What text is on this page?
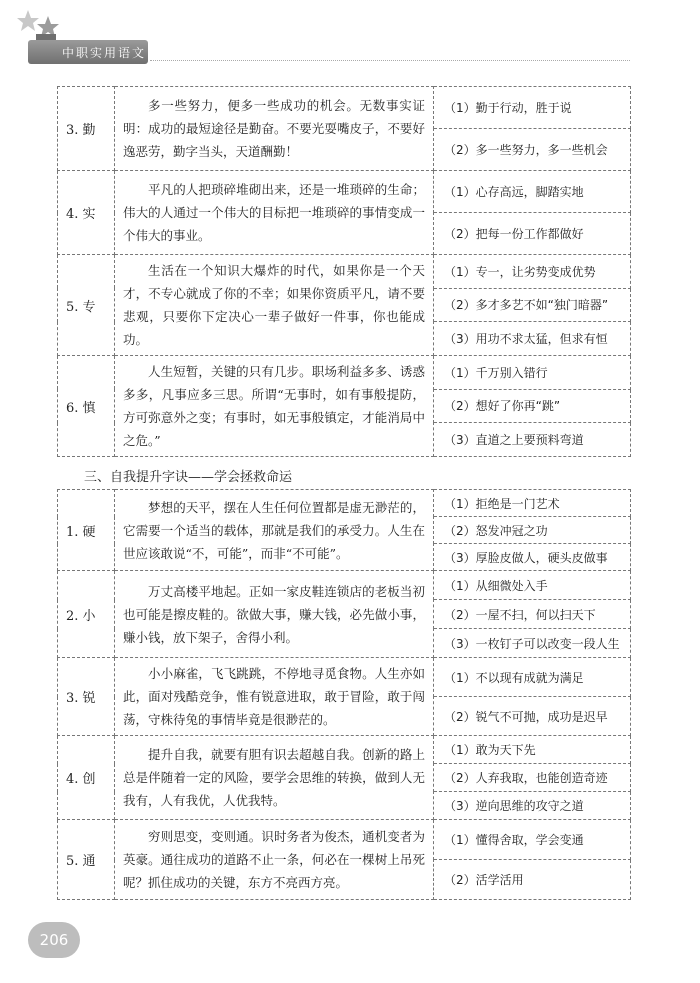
中职实用语文
3. 勤	多一些努力，便多一些成功的机会。无数事实证明：成功的最短途径是勤奋。不要光耍嘴皮子，不要好逸恶劳，勤字当头，天道酬勤！	（1）勤于行动，胜于说
		（2）多一些努力，多一些机会
4. 实	平凡的人把琐碎堆砌出来，还是一堆琐碎的生命；伟大的人通过一个伟大的目标把一堆琐碎的事情变成一个伟大的事业。	（1）心存高远，脚踏实地
		（2）把每一份工作都做好
5. 专	生活在一个知识大爆炸的时代，如果你是一个天才，不专心就成了你的不幸；如果你资质平凡，请不要悲观，只要你下定决心一辈子做好一件事，你也能成功。	（1）专一，让劣势变成优势
		（2）多才多艺不如“独门暗器”
		（3）用功不求太猛，但求有恒
6. 慎	人生短暂，关键的只有几步。职场利益多多、诱惑多多，凡事应多三思。所谓“无事时，如有事般提防，方可弥意外之变；有事时，如无事般镇定，才能消局中之危。”	（1）千万别入错行
		（2）想好了你再“跳”
		（3）直道之上要预料弯道
三、自我提升字诀——学会拯救命运
1. 硬	梦想的天平，摆在人生任何位置都是虚无渺茫的，它需要一个适当的载体，那就是我们的承受力。人生在世应该敢说“不，可能”，而非“不可能”。	（1）拒绝是一门艺术
		（2）怒发冲冠之功
		（3）厚脸皮做人，硬头皮做事
2. 小	万丈高楼平地起。正如一家皮鞋连锁店的老板当初也可能是擦皮鞋的。欲做大事，赚大钱，必先做小事，赚小钱，放下架子，舍得小利。	（1）从细微处入手
		（2）一屋不扫，何以扫天下
		（3）一枚钉子可以改变一段人生
3. 锐	小小麻雀，飞飞跳跳，不停地寻觅食物。人生亦如此，面对残酷竞争，惟有锐意进取，敢于冒险，敢于闯荡，守株待兔的事情毕竟是很渺茫的。	（1）不以现有成就为满足
		（2）锐气不可抛，成功是迟早
4. 创	提升自我，就要有胆有识去超越自我。创新的路上总是伴随着一定的风险，要学会思维的转换，做到人无我有，人有我优，人优我特。	（1）敢为天下先
		（2）人弃我取，也能创造奇迹
		（3）逆向思维的攻守之道
5. 通	穷则思变，变则通。识时务者为俊杰，通机变者为英豪。通往成功的道路不止一条，何必在一棵树上吊死呢？抓住成功的关键，东方不亮西方亮。	（1）懂得舍取，学会变通
		（2）活学活用
206
